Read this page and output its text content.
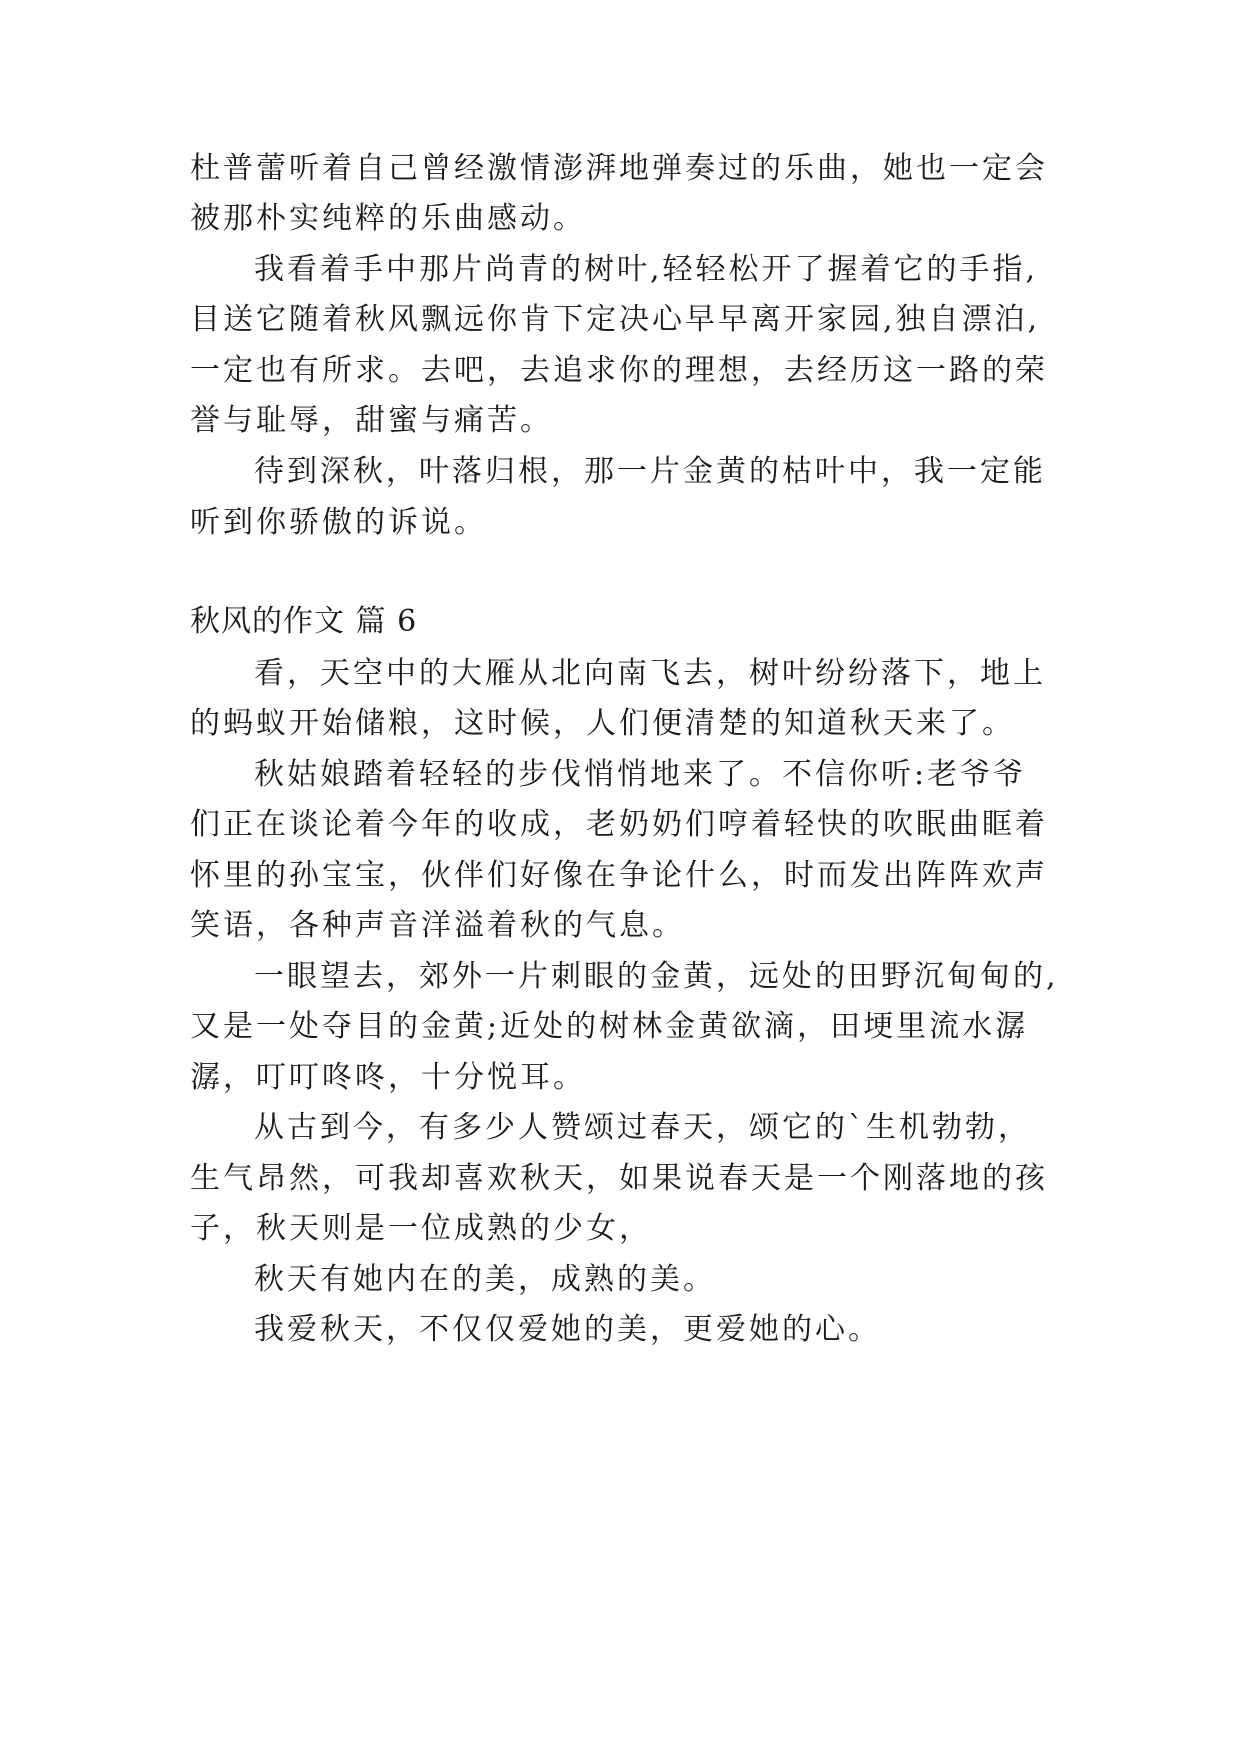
杜普蕾听着自己曾经激情澎湃地弹奏过的乐曲，她也一定会

被那朴实纯粹的乐曲感动。

我看着手中那片尚青的树叶,轻轻松开了握着它的手指,

目送它随着秋风飘远你肯下定决心早早离开家园,独自漂泊,

一定也有所求。去吧，去追求你的理想，去经历这一路的荣

誉与耻辱，甜蜜与痛苦。

待到深秋，叶落归根，那一片金黄的枯叶中，我一定能

听到你骄傲的诉说。

秋风的作文 篇 6

看，天空中的大雁从北向南飞去，树叶纷纷落下，地上

的蚂蚁开始储粮，这时候，人们便清楚的知道秋天来了。

秋姑娘踏着轻轻的步伐悄悄地来了。不信你听:老爷爷

们正在谈论着今年的收成，老奶奶们哼着轻快的吹眠曲眶着

怀里的孙宝宝，伙伴们好像在争论什么，时而发出阵阵欢声

笑语，各种声音洋溢着秋的气息。

一眼望去，郊外一片刺眼的金黄，远处的田野沉甸甸的,

又是一处夺目的金黄;近处的树林金黄欲滴，田埂里流水潺

潺，叮叮咚咚，十分悦耳。

从古到今，有多少人赞颂过春天，颂它的`生机勃勃，

生气昂然，可我却喜欢秋天，如果说春天是一个刚落地的孩

子，秋天则是一位成熟的少女，

秋天有她内在的美，成熟的美。

我爱秋天，不仅仅爱她的美，更爱她的心。
